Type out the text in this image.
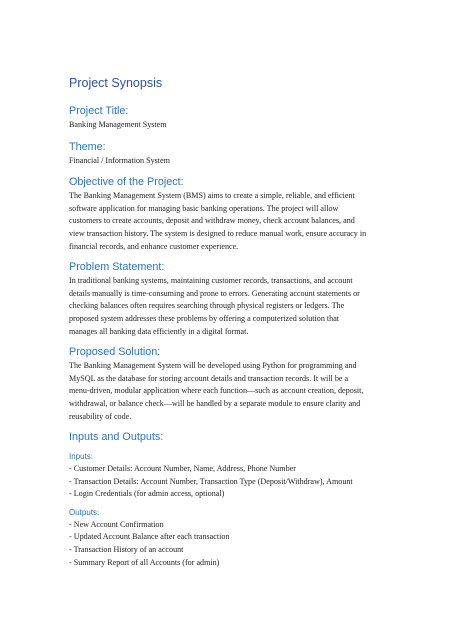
Project Synopsis
Project Title:
Banking Management System
Theme:
Financial / Information System
Objective of the Project:
The Banking Management System (BMS) aims to create a simple, reliable, and efficient
software application for managing basic banking operations. The project will allow
customers to create accounts, deposit and withdraw money, check account balances, and
view transaction history. The system is designed to reduce manual work, ensure accuracy in
financial records, and enhance customer experience.
Problem Statement:
In traditional banking systems, maintaining customer records, transactions, and account
details manually is time-consuming and prone to errors. Generating account statements or
checking balances often requires searching through physical registers or ledgers. The
proposed system addresses these problems by offering a computerized solution that
manages all banking data efficiently in a digital format.
Proposed Solution:
The Banking Management System will be developed using Python for programming and
MySQL as the database for storing account details and transaction records. It will be a
menu-driven, modular application where each function—such as account creation, deposit,
withdrawal, or balance check—will be handled by a separate module to ensure clarity and
reusability of code.
Inputs and Outputs:
Inputs:
- Customer Details: Account Number, Name, Address, Phone Number
- Transaction Details: Account Number, Transaction Type (Deposit/Withdraw), Amount
- Login Credentials (for admin access, optional)
Outputs:
- New Account Confirmation
- Updated Account Balance after each transaction
- Transaction History of an account
- Summary Report of all Accounts (for admin)
